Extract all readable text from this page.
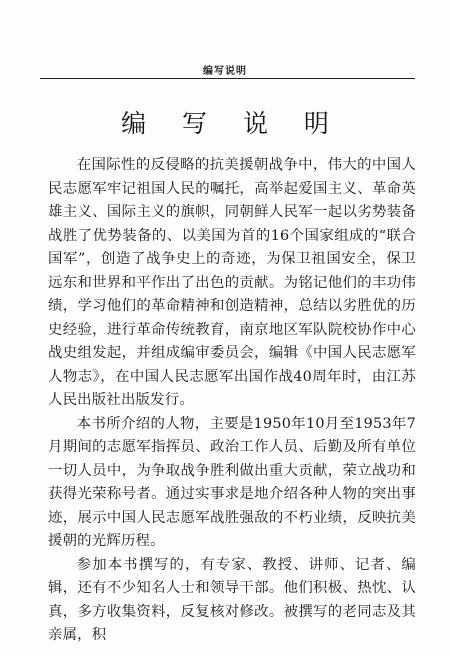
编写说明
编 写 说 明

在国际性的反侵略的抗美援朝战争中，伟大的中国人民志愿军牢记祖国人民的嘱托，高举起爱国主义、革命英雄主义、国际主义的旗帜，同朝鲜人民军一起以劣势装备战胜了优势装备的、以美国为首的16个国家组成的“联合国军”，创造了战争史上的奇迹，为保卫祖国安全，保卫远东和世界和平作出了出色的贡献。为铭记他们的丰功伟绩，学习他们的革命精神和创造精神，总结以劣胜优的历史经验，进行革命传统教育，南京地区军队院校协作中心战史组发起，并组成编审委员会，编辑《中国人民志愿军人物志》，在中国人民志愿军出国作战40周年时，由江苏人民出版社出版发行。

本书所介绍的人物，主要是1950年10月至1953年7月期间的志愿军指挥员、政治工作人员、后勤及所有单位一切人员中，为争取战争胜利做出重大贡献，荣立战功和获得光荣称号者。通过实事求是地介绍各种人物的突出事迹，展示中国人民志愿军战胜强敌的不朽业绩，反映抗美援朝的光辉历程。

参加本书撰写的，有专家、教授、讲师、记者、编辑，还有不少知名人士和领导干部。他们积极、热忱、认真，多方收集资料，反复核对修改。被撰写的老同志及其亲属，积
